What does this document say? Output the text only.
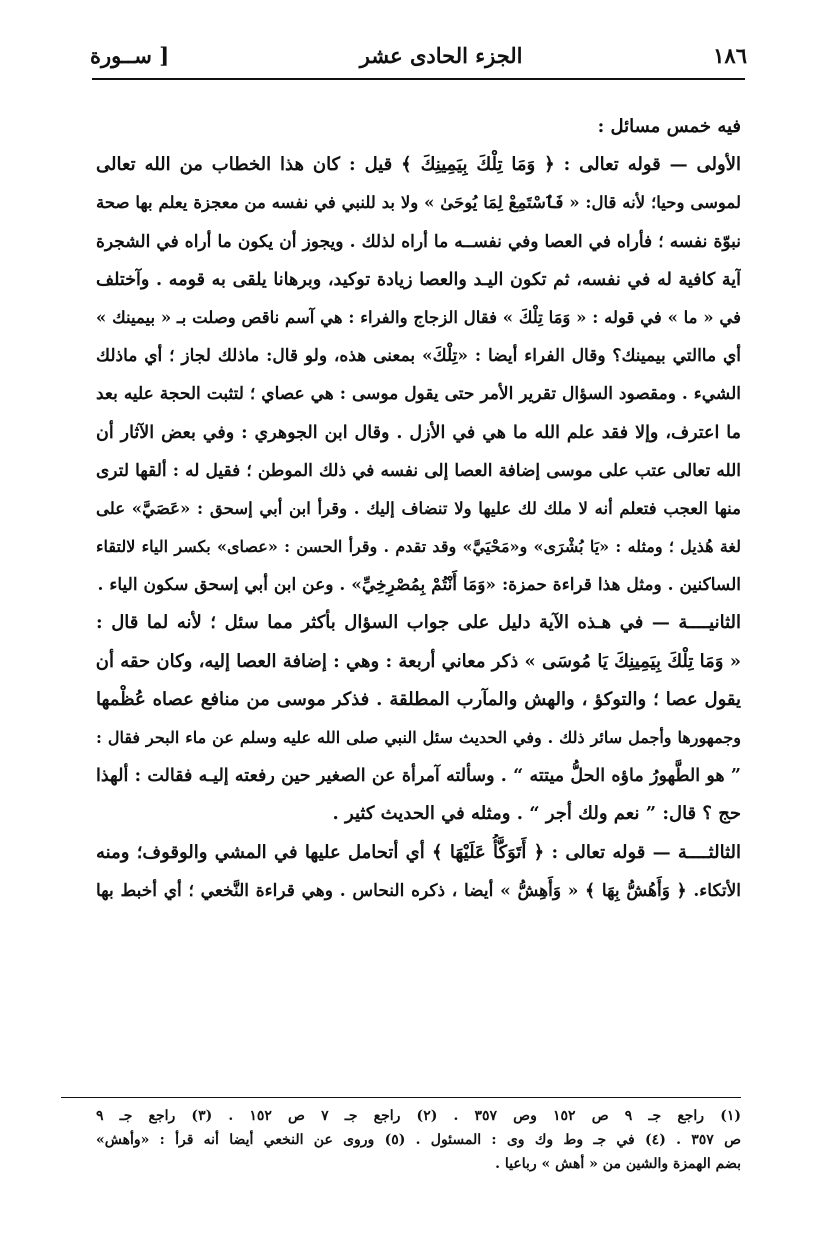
١٨٦
الجزء الحادى عشر
[ ســورة
فيه خمس مسائل :
الأولى — قوله تعالى : ﴿ وَمَا تِلْكَ بِيَمِينِكَ ﴾ قيل : كان هذا الخطاب من الله تعالى
لموسى وحيا؛ لأنه قال: « فَٱسْتَمِعْ لِمَا يُوحَىٰ » ولا بد للنبي في نفسه من معجزة يعلم بها صحة
نبوّة نفسه ؛ فأراه في العصا وفي نفســه ما أراه لذلك . ويجوز أن يكون ما أراه في الشجرة
آية كافية له في نفسه، ثم تكون اليـد والعصا زيادة توكيد، وبرهانا يلقى به قومه . وآختلف
في « ما » في قوله : « وَمَا تِلْكَ » فقال الزجاج والفراء : هي آسم ناقص وصلت بـ « بيمينك »
أي ماالتي بيمينك؟ وقال الفراء أيضا : «تِلْكَ» بمعنى هذه، ولو قال: ماذلك لجاز ؛ أي ماذلك
الشيء . ومقصود السؤال تقرير الأمر حتى يقول موسى : هي عصاي ؛ لتثبت الحجة عليه بعد
ما اعترف، وإلا فقد علم الله ما هي في الأزل . وقال ابن الجوهري : وفي بعض الآثار أن
الله تعالى عتب على موسى إضافة العصا إلى نفسه في ذلك الموطن ؛ فقيل له : ألقها لترى
منها العجب فتعلم أنه لا ملك لك عليها ولا تنضاف إليك . وقرأ ابن أبي إسحق : «عَصَيَّ» على
لغة هُذيل ؛ ومثله : «يَا بُشْرَى» و«مَحْيَيَّ» وقد تقدم . وقرأ الحسن : «عصاى» بكسر الياء لالتقاء
الساكنين . ومثل هذا قراءة حمزة: «وَمَا أَنْتُمْ بِمُصْرِخِيِّ» . وعن ابن أبي إسحق سكون الياء .
الثانيــــة — في هـذه الآية دليل على جواب السؤال بأكثر مما سئل ؛ لأنه لما قال :
« وَمَا تِلْكَ بِيَمِينِكَ يَا مُوسَى » ذكر معاني أربعة : وهي : إضافة العصا إليه، وكان حقه أن
يقول عصا ؛ والتوكؤ ، والهش والمآرب المطلقة . فذكر موسى من منافع عصاه عُظْمها
وجمهورها وأجمل سائر ذلك . وفي الحديث سئل النبي صلى الله عليه وسلم عن ماء البحر فقال :
” هو الطَّهورُ ماؤه الحلُّ ميتته “ . وسألته آمرأة عن الصغير حين رفعته إليـه فقالت : ألهذا
حج ؟ قال: ” نعم ولك أجر “ . ومثله في الحديث كثير .
الثالثــــة — قوله تعالى : ﴿ أَتَوَكَّأُ عَلَيْهَا ﴾ أي أتحامل عليها في المشي والوقوف؛ ومنه
الأتكاء. ﴿ وَأَهُشُّ بِهَا ﴾ « وَأَهِشُّ » أيضا ، ذكره النحاس . وهي قراءة النَّخعي ؛ أي أخبط بها
(١) راجع جـ ٩ ص ١٥٢ وص ٣٥٧ . (٢) راجع جـ ٧ ص ١٥٢ . (٣) راجع جـ ٩
ص ٣٥٧ . (٤) في جـ وط وك وى : المسئول . (٥) وروى عن النخعي أيضا أنه قرأ : «وأهش»
بضم الهمزة والشين من « أهش » رباعيا .
